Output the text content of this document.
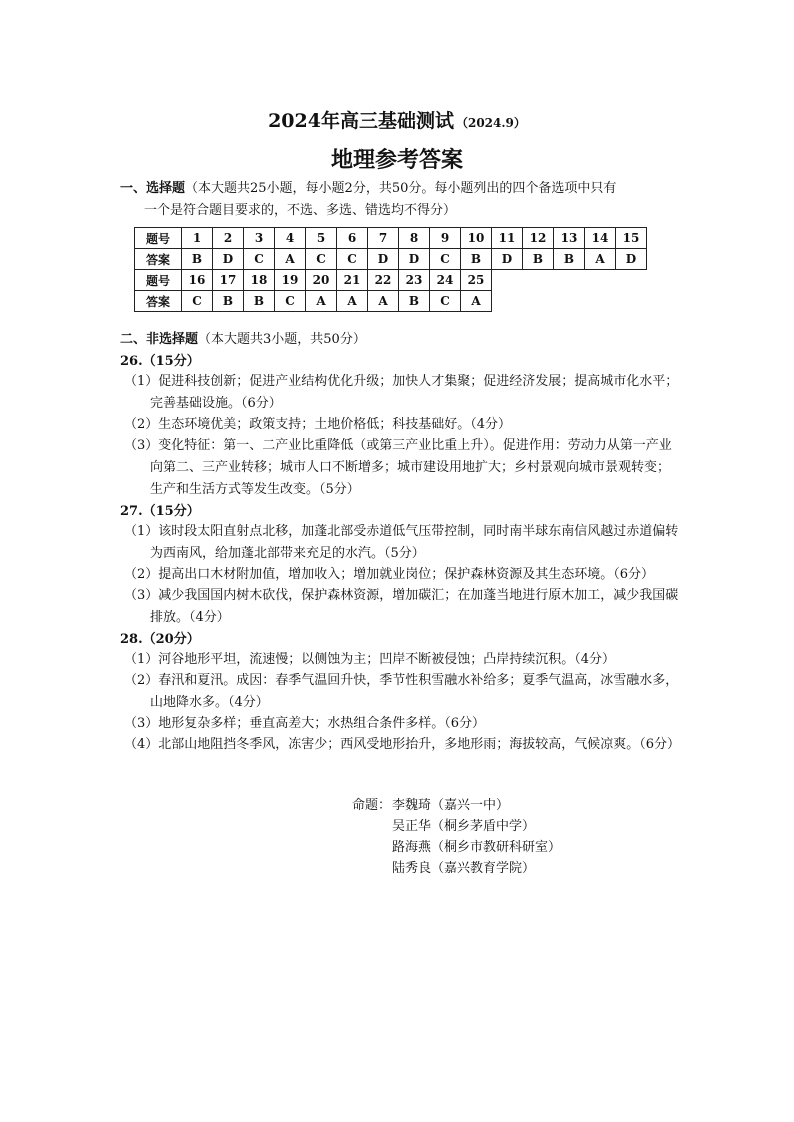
2024年高三基础测试 （2024.9）
地理参考答案
一、选择题（本大题共25小题，每小题2分，共50分。每小题列出的四个备选项中只有
一个是符合题目要求的，不选、多选、错选均不得分）
题号	1	2	3	4	5	6	7	8	9	10	11	12	13	14	15
答案	B	D	C	A	C	C	D	D	C	B	D	B	B	A	D
题号	16	17	18	19	20	21	22	23	24	25					
答案	C	B	B	C	A	A	A	B	C	A					
二、非选择题（本大题共3小题，共50分）
26.（15分）
（1）促进科技创新；促进产业结构优化升级；加快人才集聚；促进经济发展；提高城市化水平；完善基础设施。（6分）
（2）生态环境优美；政策支持；土地价格低；科技基础好。（4分）
（3）变化特征：第一、二产业比重降低（或第三产业比重上升）。促进作用：劳动力从第一产业向第二、三产业转移；城市人口不断增多；城市建设用地扩大；乡村景观向城市景观转变；生产和生活方式等发生改变。（5分）
27.（15分）
（1）该时段太阳直射点北移，加蓬北部受赤道低气压带控制，同时南半球东南信风越过赤道偏转为西南风，给加蓬北部带来充足的水汽。（5分）
（2）提高出口木材附加值，增加收入；增加就业岗位；保护森林资源及其生态环境。（6分）
（3）减少我国国内树木砍伐，保护森林资源，增加碳汇；在加蓬当地进行原木加工，减少我国碳排放。（4分）
28.（20分）
（1）河谷地形平坦，流速慢；以侧蚀为主；凹岸不断被侵蚀；凸岸持续沉积。（4分）
（2）春汛和夏汛。成因：春季气温回升快，季节性积雪融水补给多；夏季气温高，冰雪融水多，山地降水多。（4分）
（3）地形复杂多样；垂直高差大；水热组合条件多样。（6分）
（4）北部山地阻挡冬季风，冻害少；西风受地形抬升，多地形雨；海拔较高，气候凉爽。（6分）
命题：李魏琦（嘉兴一中）
吴正华（桐乡茅盾中学）
路海燕（桐乡市教研科研室）
陆秀良（嘉兴教育学院）
